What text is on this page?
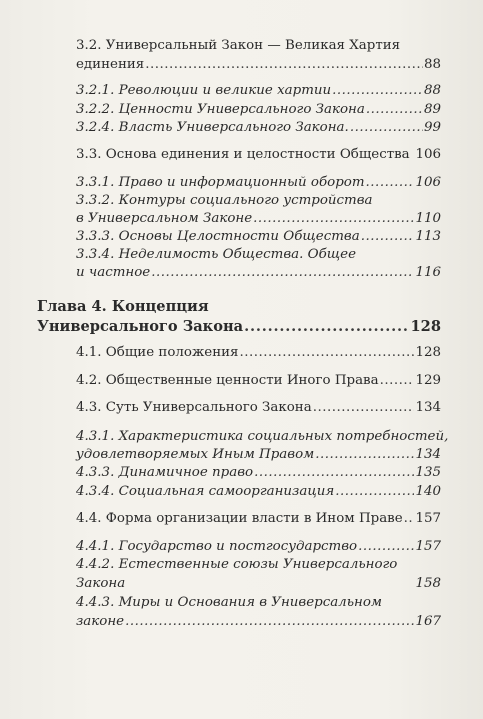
3.2. Универсальный Закон — Великая Хартия
единения .....	88
3.2.1. Революции и великие хартии .....	88
3.2.2. Ценности Универсального Закона .....	89
3.2.4. Власть Универсального Закона. .....	99
3.3. Основа единения и целостности Общества 106
3.3.1. Право и информационный оборот .....	106
3.3.2. Контуры социального устройства
в Универсальном Законе .....	110
3.3.3. Основы Целостности Общества .....	113
3.3.4. Неделимость Общества. Общее
и частное .....	116
Глава 4. Концепция
Универсального Закона .....	128
4.1. Общие положения .....	128
4.2. Общественные ценности Иного Права .....	129
4.3. Суть Универсального Закона .....	134
4.3.1. Характеристика социальных потребностей,
удовлетворяемых Иным Правом .....	134
4.3.3. Динамичное право .....	135
4.3.4. Социальная самоорганизация .....	140
4.4. Форма организации власти в Ином Праве ..... 157
4.4.1. Государство и постгосударство .....	157
4.4.2. Естественные союзы Универсального
Закона	158
4.4.3. Миры и Основания в Универсальном
законе .....	167
